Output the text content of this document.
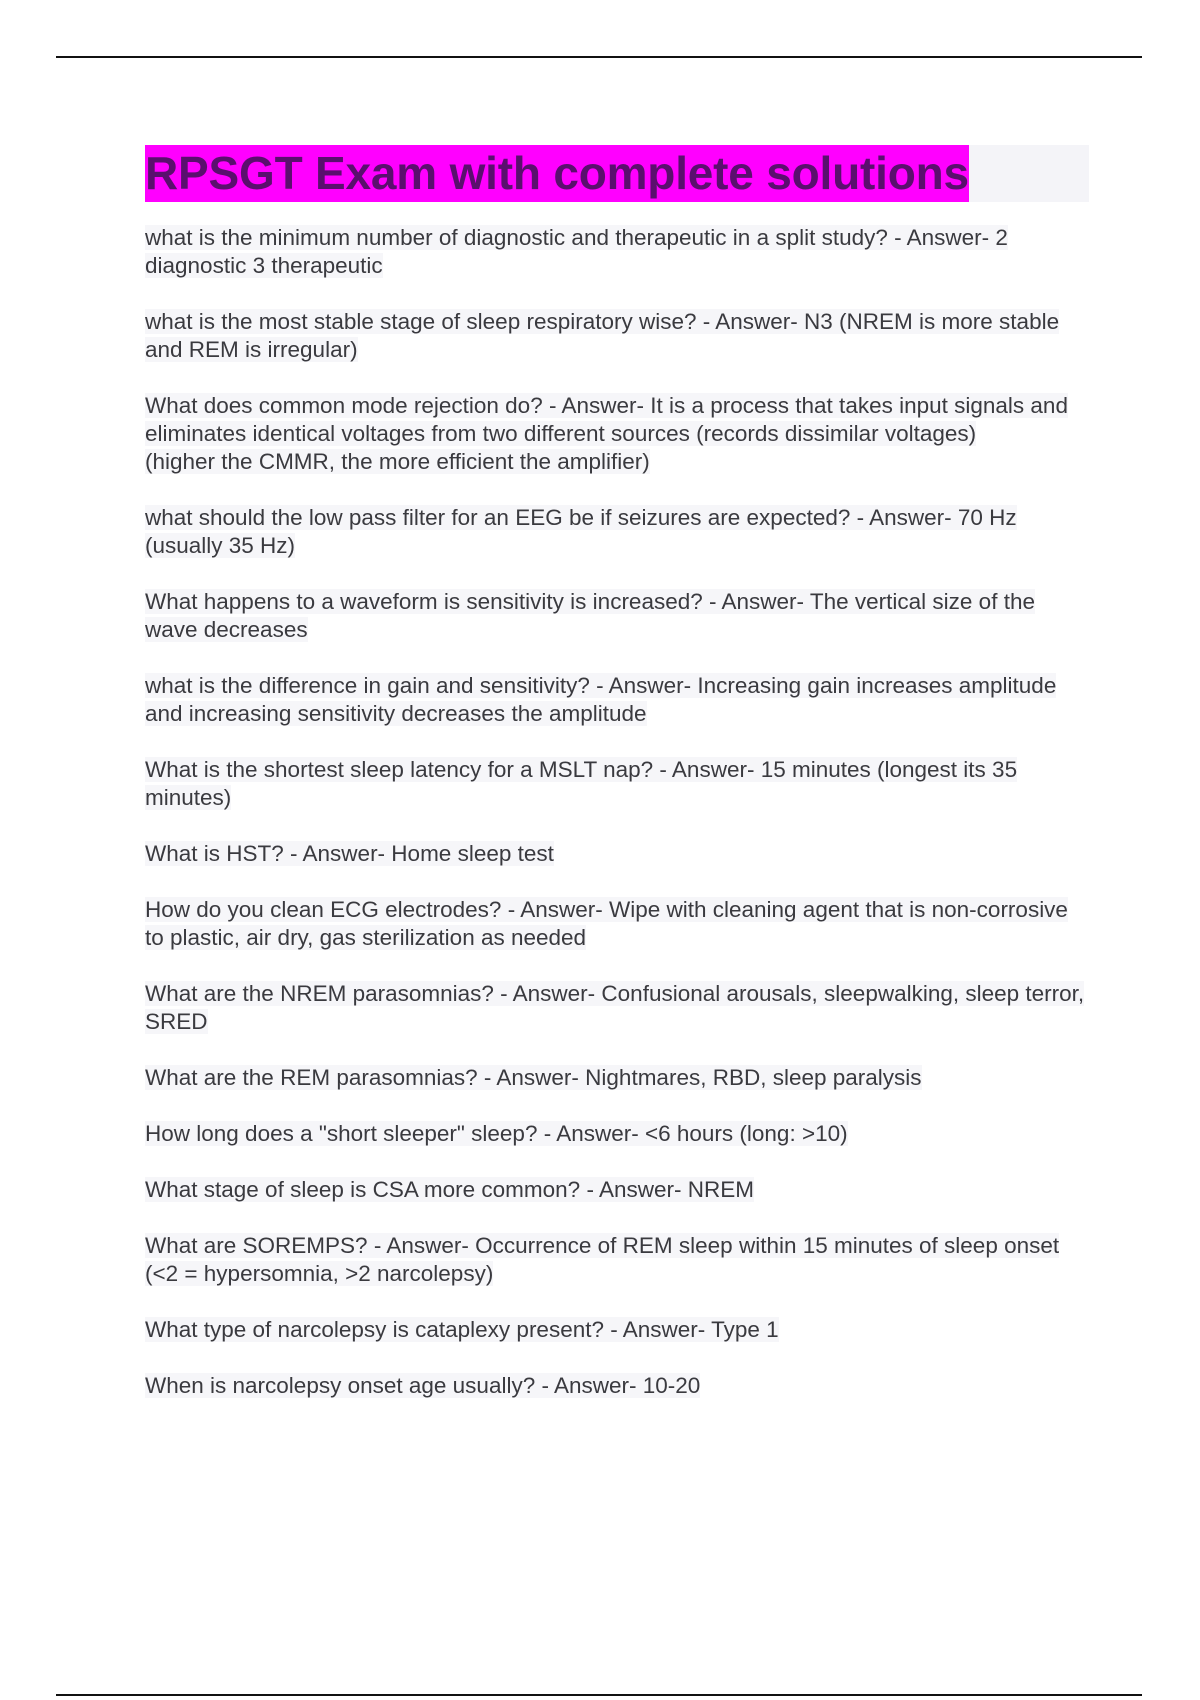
RPSGT Exam with complete solutions
what is the minimum number of diagnostic and therapeutic in a split study? - Answer- 2 diagnostic 3 therapeutic
what is the most stable stage of sleep respiratory wise? - Answer- N3 (NREM is more stable and REM is irregular)
What does common mode rejection do? - Answer- It is a process that takes input signals and eliminates identical voltages from two different sources (records dissimilar voltages)
(higher the CMMR, the more efficient the amplifier)
what should the low pass filter for an EEG be if seizures are expected? - Answer- 70 Hz (usually 35 Hz)
What happens to a waveform is sensitivity is increased? - Answer- The vertical size of the wave decreases
what is the difference in gain and sensitivity? - Answer- Increasing gain increases amplitude and increasing sensitivity decreases the amplitude
What is the shortest sleep latency for a MSLT nap? - Answer- 15 minutes (longest its 35 minutes)
What is HST? - Answer- Home sleep test
How do you clean ECG electrodes? - Answer- Wipe with cleaning agent that is non-corrosive to plastic, air dry, gas sterilization as needed
What are the NREM parasomnias? - Answer- Confusional arousals, sleepwalking, sleep terror, SRED
What are the REM parasomnias? - Answer- Nightmares, RBD, sleep paralysis
How long does a "short sleeper" sleep? - Answer- <6 hours (long: >10)
What stage of sleep is CSA more common? - Answer- NREM
What are SOREMPS? - Answer- Occurrence of REM sleep within 15 minutes of sleep onset (<2 = hypersomnia, >2 narcolepsy)
What type of narcolepsy is cataplexy present? - Answer- Type 1
When is narcolepsy onset age usually? - Answer- 10-20
